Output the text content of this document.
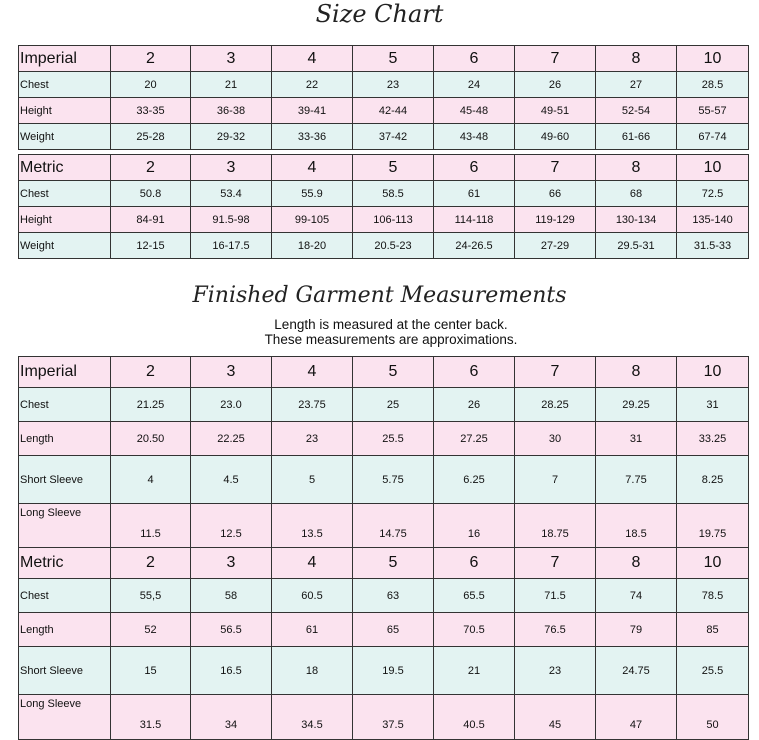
Size Chart
Imperial	2	3	4	5	6	7	8	10
Chest	20	21	22	23	24	26	27	28.5
Height	33-35	36-38	39-41	42-44	45-48	49-51	52-54	55-57
Weight	25-28	29-32	33-36	37-42	43-48	49-60	61-66	67-74
Metric	2	3	4	5	6	7	8	10
Chest	50.8	53.4	55.9	58.5	61	66	68	72.5
Height	84-91	91.5-98	99-105	106-113	114-118	119-129	130-134	135-140
Weight	12-15	16-17.5	18-20	20.5-23	24-26.5	27-29	29.5-31	31.5-33
Finished Garment Measurements
Length is measured at the center back.
These measurements are approximations.
Imperial	2	3	4	5	6	7	8	10
Chest	21.25	23.0	23.75	25	26	28.25	29.25	31
Length	20.50	22.25	23	25.5	27.25	30	31	33.25
Short Sleeve	4	4.5	5	5.75	6.25	7	7.75	8.25
Long Sleeve	11.5	12.5	13.5	14.75	16	18.75	18.5	19.75
Metric	2	3	4	5	6	7	8	10
Chest	55,5	58	60.5	63	65.5	71.5	74	78.5
Length	52	56.5	61	65	70.5	76.5	79	85
Short Sleeve	15	16.5	18	19.5	21	23	24.75	25.5
Long Sleeve	31.5	34	34.5	37.5	40.5	45	47	50
